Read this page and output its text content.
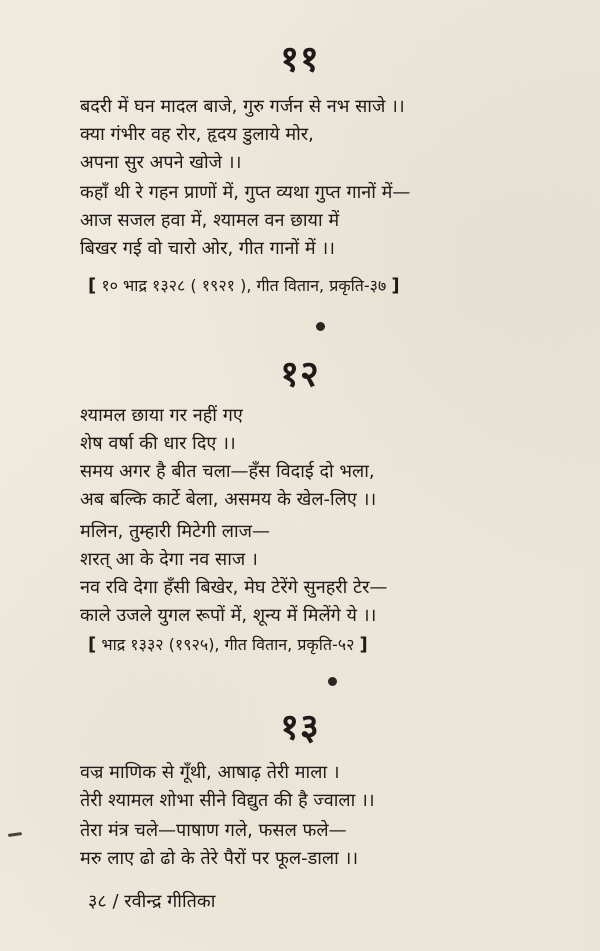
११
बदरी में घन मादल बाजे, गुरु गर्जन से नभ साजे ।।
क्या गंभीर वह रोर, हृदय डुलाये मोर,
अपना सुर अपने खोजे ।।
कहाँ थी रे गहन प्राणों में, गुप्त व्यथा गुप्त गानों में—
आज सजल हवा में, श्यामल वन छाया में
बिखर गई वो चारो ओर, गीत गानों में ।।
[ १० भाद्र १३२८ ( १९२१ ), गीत वितान, प्रकृति-३७ ]
१२
श्यामल छाया गर नहीं गए
शेष वर्षा की धार दिए ।।
समय अगर है बीत चला—हँस विदाई दो भला,
अब बल्कि कार्टे बेला, असमय के खेल-लिए ।।
मलिन, तुम्हारी मिटेगी लाज—
शरत् आ के देगा नव साज ।
नव रवि देगा हँसी बिखेर, मेघ टेरेंगे सुनहरी टेर—
काले उजले युगल रूपों में, शून्य में मिलेंगे ये ।।
[ भाद्र १३३२ (१९२५), गीत वितान, प्रकृति-५२ ]
१३
वज्र माणिक से गूँथी, आषाढ़ तेरी माला ।
तेरी श्यामल शोभा सीने विद्युत की है ज्वाला ।।
तेरा मंत्र चले—पाषाण गले, फसल फले—
मरु लाए ढो ढो के तेरे पैरों पर फूल-डाला ।।
३८ / रवीन्द्र गीतिका
